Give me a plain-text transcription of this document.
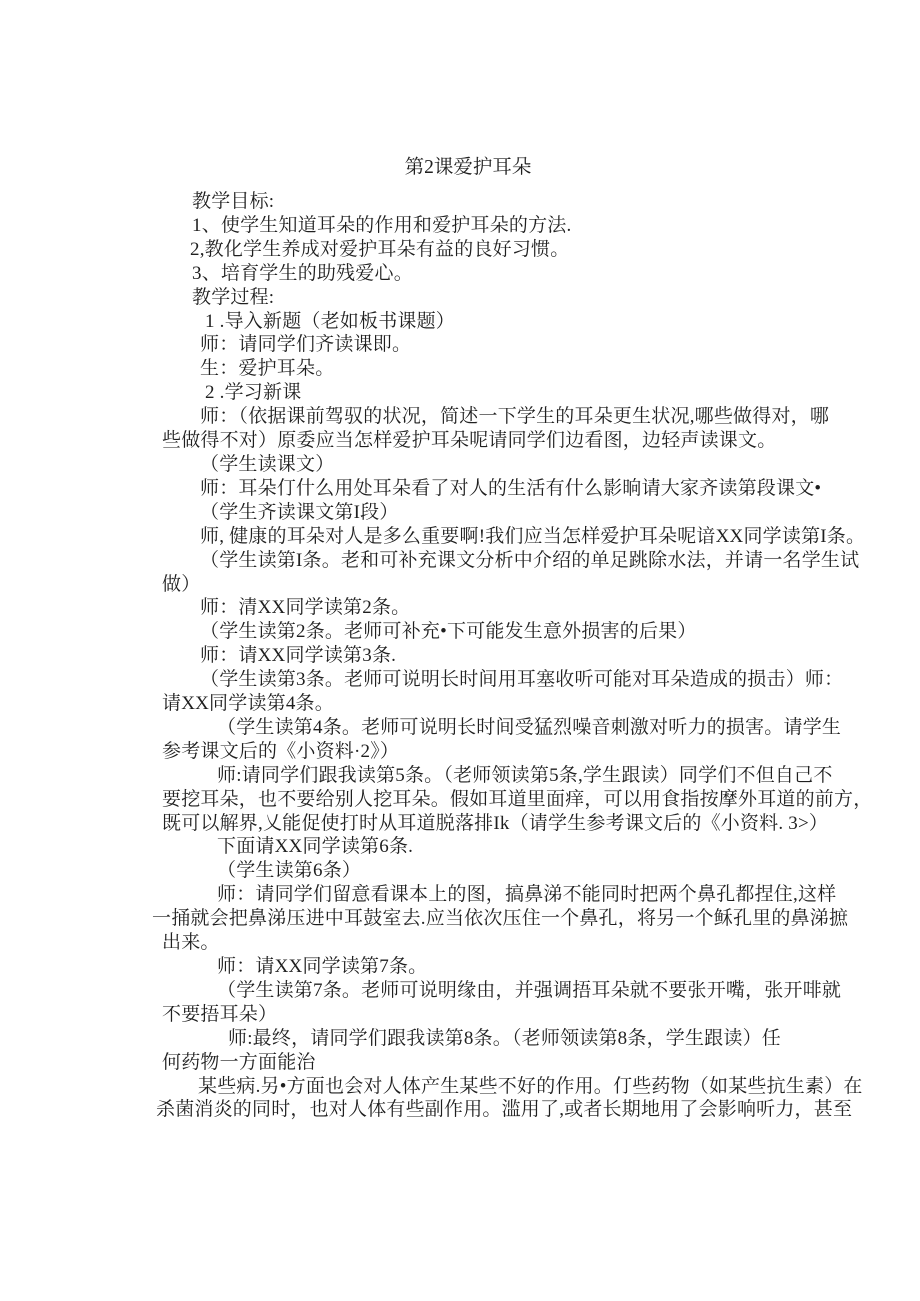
第2课爱护耳朵
教学目标:
1、使学生知道耳朵的作用和爱护耳朵的方法.
2,教化学生养成对爱护耳朵有益的良好习惯。
3、培育学生的助残爱心。
教学过程:
1 .导入新题（老如板书课题）
师：请同学们齐读课即。
生：爱护耳朵。
2 .学习新课
师：（依据课前驾驭的状况，简述一下学生的耳朵更生状况,哪些做得对，哪
些做得不对）原委应当怎样爱护耳朵呢请同学们边看图，边轻声读课文。
（学生读课文）
师：耳朵仃什么用处耳朵看了对人的生活有什么影晌请大家齐读第段课文•
（学生齐读课文第I段）
师, 健康的耳朵对人是多么重要啊!我们应当怎样爱护耳朵呢谙XX同学读第I条。
（学生读第I条。老和可补充课文分析中介绍的单足跳除水法，并请一名学生试
做）
师：清XX同学读第2条。
（学生读第2条。老师可补充•下可能发生意外损害的后果）
师：请XX同学读第3条.
（学生读第3条。老师可说明长时间用耳塞收听可能对耳朵造成的损击）师：
请XX同学读第4条。
（学生读第4条。老师可说明长时间受猛烈噪音刺激对听力的损害。请学生
参考课文后的《小资料·2》）
师:请同学们跟我读第5条。（老师领读第5条,学生跟读）同学们不但自己不
要挖耳朵，也不要给别人挖耳朵。假如耳道里面痒，可以用食指按摩外耳道的前方，
既可以解界,乂能促使打时从耳道脱落排Ik（请学生参考课文后的《小资料. 3>）
下面请XX同学读第6条.
（学生读第6条）
师：请同学们留意看课本上的图，搞鼻涕不能同时把两个鼻孔都捏住,这样
一捅就会把鼻涕压进中耳鼓室去.应当依次压住一个鼻孔，将另一个稣孔里的鼻涕摭
出来。
师：请XX同学读第7条。
（学生读第7条。老师可说明缘由，并强调捂耳朵就不要张开嘴，张开啡就
不要捂耳朵）
师:最终，请同学们跟我读第8条。（老师领读第8条，学生跟读）任
何药物一方面能治
某些病.另•方面也会对人体产生某些不好的作用。仃些药物（如某些抗生素）在
杀菌消炎的同时，也对人体有些副作用。滥用了,或者长期地用了会影响听力，甚至
